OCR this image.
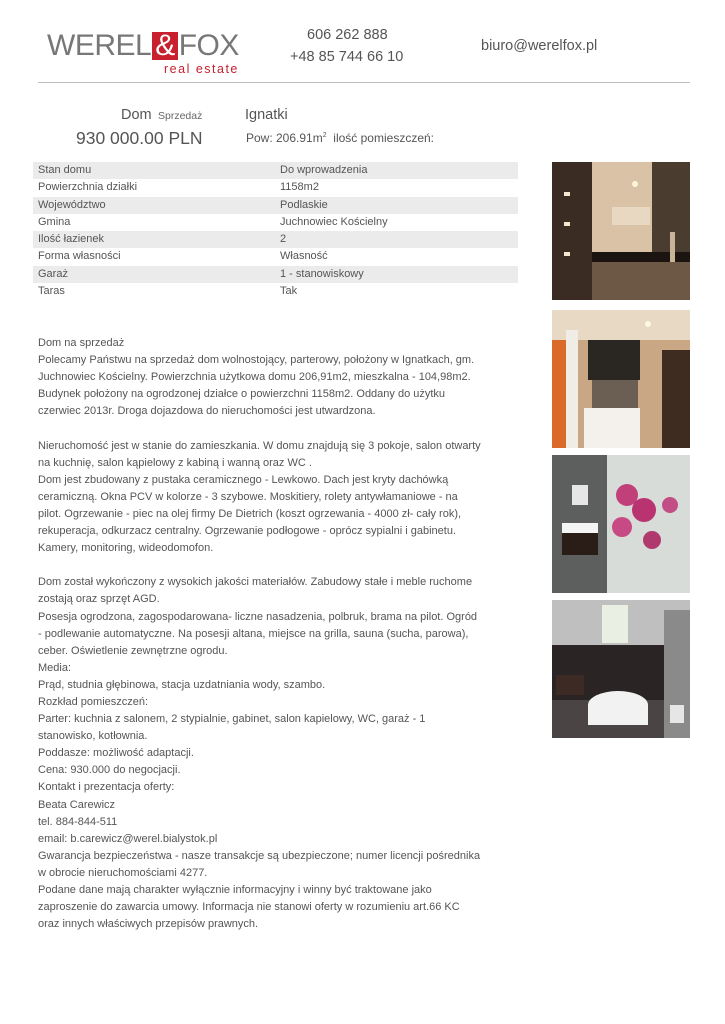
WEREL & FOX
real estate
606 262 888
+48 85 744 66 10
biuro@werelfox.pl
Dom Sprzedaż	Ignatki
930 000.00 PLN	Pow: $206.91m^2$  ilość pomieszczeń:
Stan domu	Do wprowadzenia
Powierzchnia działki	1158m2
Województwo	Podlaskie
Gmina	Juchnowiec Kościelny
Ilość łazienek	2
Forma własności	Własność
Garaż	1 - stanowiskowy
Taras	Tak
Dom na sprzedaż
Polecamy Państwu na sprzedaż dom wolnostojący, parterowy, położony w Ignatkach, gm.
Juchnowiec Kościelny. Powierzchnia użytkowa domu 206,91m2, mieszkalna - 104,98m2.
Budynek położony na ogrodzonej działce o powierzchni 1158m2. Oddany do użytku
czerwiec 2013r. Droga dojazdowa do nieruchomości jest utwardzona.
Nieruchomość jest w stanie do zamieszkania. W domu znajdują się 3 pokoje, salon otwarty
na kuchnię, salon kąpielowy z kabiną i wanną oraz WC .
Dom jest zbudowany z pustaka ceramicznego - Lewkowo. Dach jest kryty dachówką
ceramiczną. Okna PCV w kolorze - 3 szybowe. Moskitiery, rolety antywłamaniowe - na
pilot. Ogrzewanie - piec na olej firmy De Dietrich (koszt ogrzewania - 4000 zł- cały rok),
rekuperacja, odkurzacz centralny. Ogrzewanie podłogowe - oprócz sypialni i gabinetu.
Kamery, monitoring, wideodomofon.
Dom został wykończony z wysokich jakości materiałów. Zabudowy stałe i meble ruchome
zostają oraz sprzęt AGD.
Posesja ogrodzona, zagospodarowana- liczne nasadzenia, polbruk, brama na pilot. Ogród
- podlewanie automatyczne. Na posesji altana, miejsce na grilla, sauna (sucha, parowa),
ceber. Oświetlenie zewnętrzne ogrodu.
Media:
Prąd, studnia głębinowa, stacja uzdatniania wody, szambo.
Rozkład pomieszczeń:
Parter: kuchnia z salonem, 2 stypialnie, gabinet, salon kapielowy, WC, garaż - 1
stanowisko, kotłownia.
Poddasze: możliwość adaptacji.
Cena: 930.000 do negocjacji.
Kontakt i prezentacja oferty:
Beata Carewicz
tel. 884-844-511
email: b.carewicz@werel.bialystok.pl
Gwarancja bezpieczeństwa - nasze transakcje są ubezpieczone; numer licencji pośrednika
w obrocie nieruchomościami 4277.
Podane dane mają charakter wyłącznie informacyjny i winny być traktowane jako
zaproszenie do zawarcia umowy. Informacja nie stanowi oferty w rozumieniu art.66 KC
oraz innych właściwych przepisów prawnych.
